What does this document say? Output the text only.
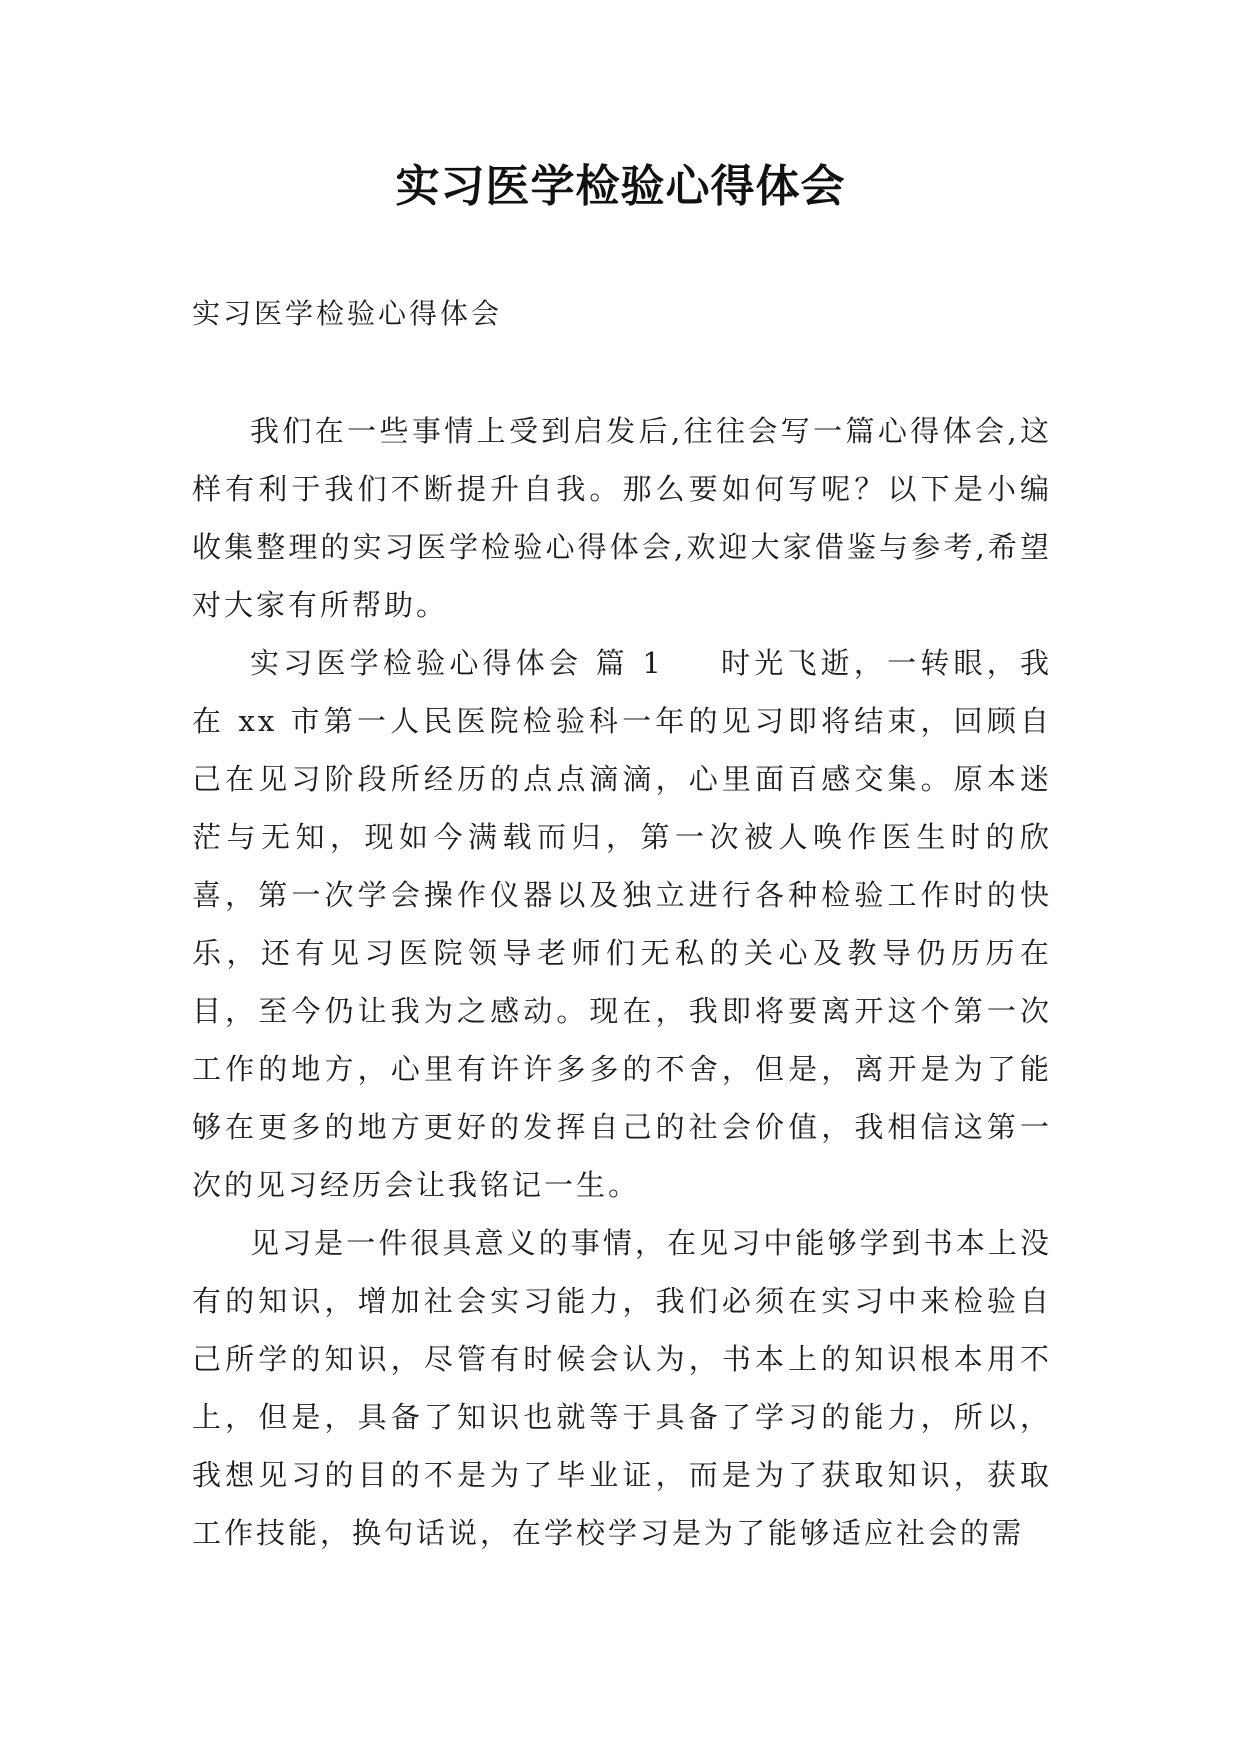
实习医学检验心得体会
实习医学检验心得体会

我们在一些事情上受到启发后,往往会写一篇心得体会,这样有利于我们不断提升自我。那么要如何写呢？以下是小编收集整理的实习医学检验心得体会,欢迎大家借鉴与参考,希望对大家有所帮助。

实习医学检验心得体会 篇 1 时光飞逝，一转眼，我在 xx 市第一人民医院检验科一年的见习即将结束，回顾自己在见习阶段所经历的点点滴滴，心里面百感交集。原本迷茫与无知，现如今满载而归，第一次被人唤作医生时的欣喜，第一次学会操作仪器以及独立进行各种检验工作时的快乐，还有见习医院领导老师们无私的关心及教导仍历历在目，至今仍让我为之感动。现在，我即将要离开这个第一次工作的地方，心里有许许多多的不舍，但是，离开是为了能够在更多的地方更好的发挥自己的社会价值，我相信这第一次的见习经历会让我铭记一生。

见习是一件很具意义的事情，在见习中能够学到书本上没有的知识，增加社会实习能力，我们必须在实习中来检验自己所学的知识，尽管有时候会认为，书本上的知识根本用不上，但是，具备了知识也就等于具备了学习的能力，所以，我想见习的目的不是为了毕业证，而是为了获取知识，获取工作技能，换句话说，在学校学习是为了能够适应社会的需
